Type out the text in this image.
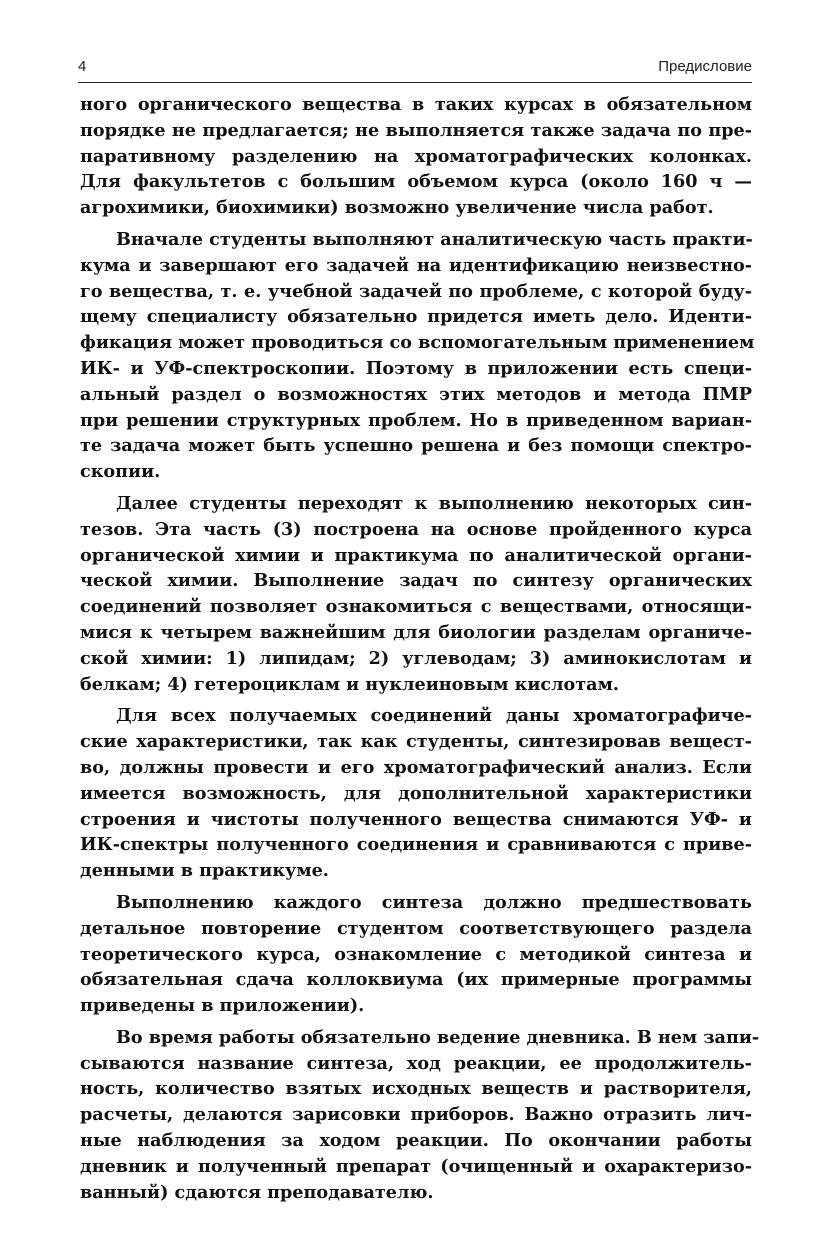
4	Предисловие
ного органического вещества в таких курсах в обязательном
порядке не предлагается; не выполняется также задача по пре-
паративному разделению на хроматографических колонках.
Для факультетов с большим объемом курса (около 160 ч —
агрохимики, биохимики) возможно увеличение числа работ.
Вначале студенты выполняют аналитическую часть практи-
кума и завершают его задачей на идентификацию неизвестно-
го вещества, т. е. учебной задачей по проблеме, с которой буду-
щему специалисту обязательно придется иметь дело. Иденти-
фикация может проводиться со вспомогательным применением
ИК- и УФ-спектроскопии. Поэтому в приложении есть специ-
альный раздел о возможностях этих методов и метода ПМР
при решении структурных проблем. Но в приведенном вариан-
те задача может быть успешно решена и без помощи спектро-
скопии.
Далее студенты переходят к выполнению некоторых син-
тезов. Эта часть (3) построена на основе пройденного курса
органической химии и практикума по аналитической органи-
ческой химии. Выполнение задач по синтезу органических
соединений позволяет ознакомиться с веществами, относящи-
мися к четырем важнейшим для биологии разделам органиче-
ской химии: 1) липидам; 2) углеводам; 3) аминокислотам и
белкам; 4) гетероциклам и нуклеиновым кислотам.
Для всех получаемых соединений даны хроматографиче-
ские характеристики, так как студенты, синтезировав вещест-
во, должны провести и его хроматографический анализ. Если
имеется возможность, для дополнительной характеристики
строения и чистоты полученного вещества снимаются УФ- и
ИК-спектры полученного соединения и сравниваются с приве-
денными в практикуме.
Выполнению каждого синтеза должно предшествовать
детальное повторение студентом соответствующего раздела
теоретического курса, ознакомление с методикой синтеза и
обязательная сдача коллоквиума (их примерные программы
приведены в приложении).
Во время работы обязательно ведение дневника. В нем запи-
сываются название синтеза, ход реакции, ее продолжитель-
ность, количество взятых исходных веществ и растворителя,
расчеты, делаются зарисовки приборов. Важно отразить лич-
ные наблюдения за ходом реакции. По окончании работы
дневник и полученный препарат (очищенный и охарактеризо-
ванный) сдаются преподавателю.
